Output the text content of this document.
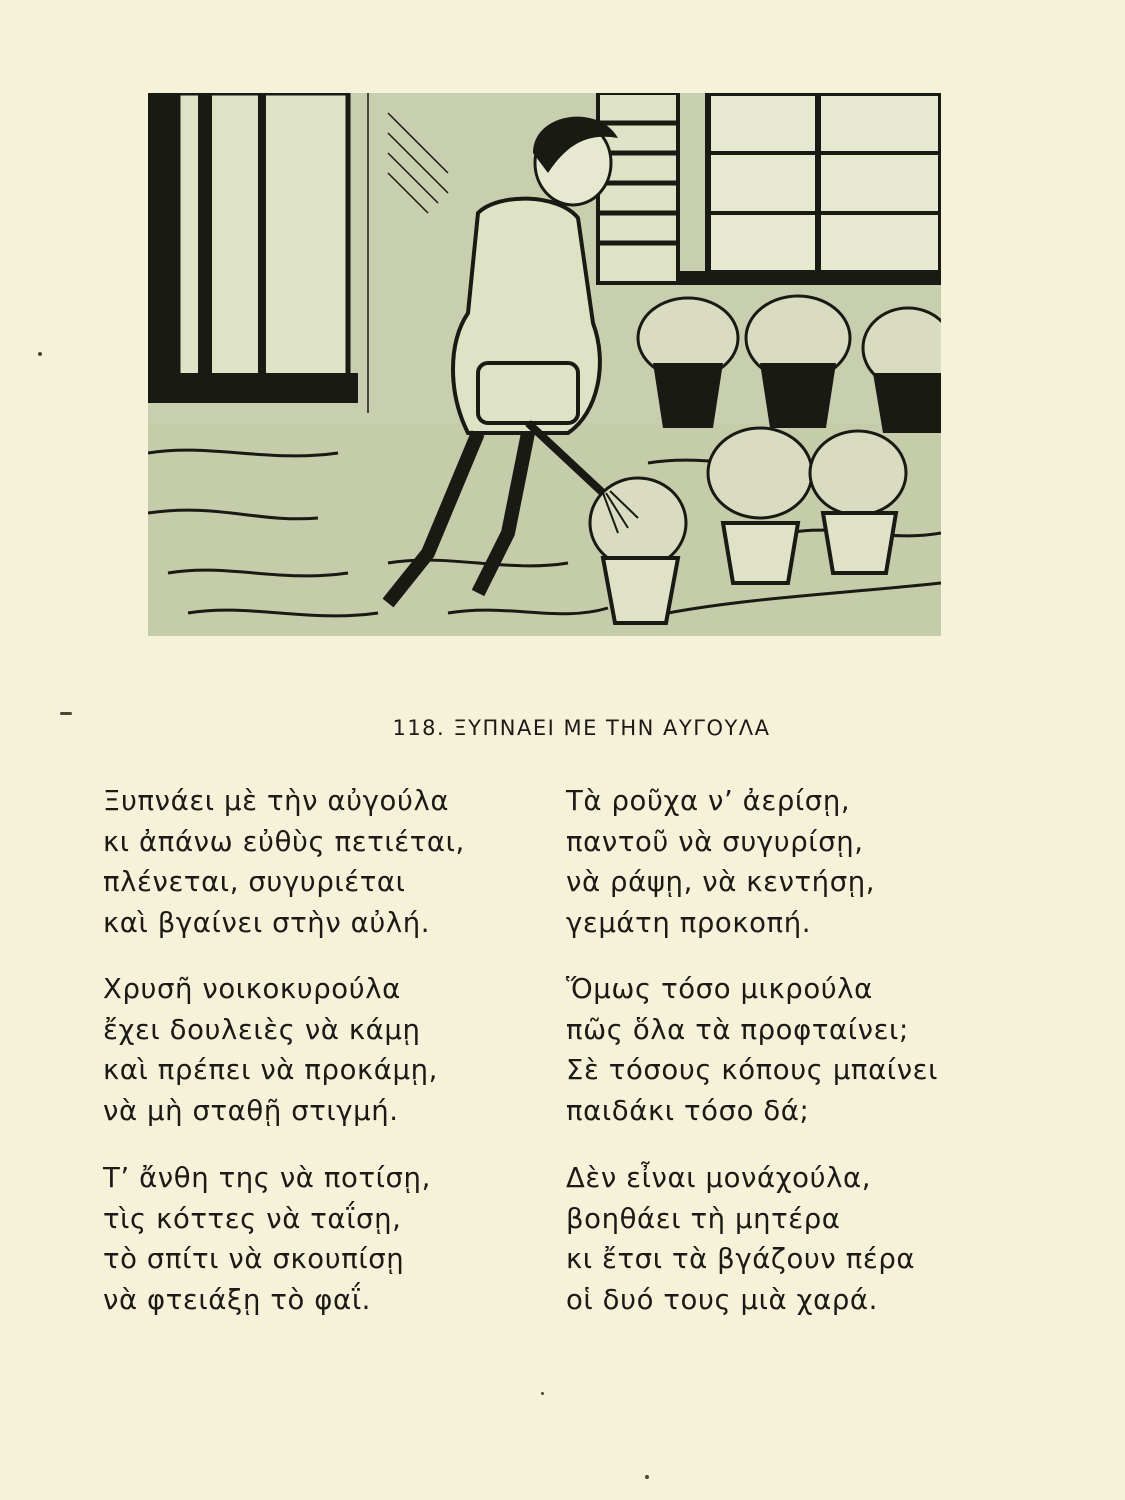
118. ΞΥΠΝΑΕΙ ΜΕ ΤΗΝ ΑΥΓΟΥΛΑ
Ξυπνάει μὲ τὴν αὐγούλα
κι ἀπάνω εὐθὺς πετιέται,
πλένεται, συγυριέται
καὶ βγαίνει στὴν αὐλή.
Χρυσῆ νοικοκυρούλα
ἔχει δουλειὲς νὰ κάμῃ
καὶ πρέπει νὰ προκάμῃ,
νὰ μὴ σταθῇ στιγμή.
Τ’ ἄνθη της νὰ ποτίσῃ,
τὶς κόττες νὰ ταΐσῃ,
τὸ σπίτι νὰ σκουπίσῃ
νὰ φτειάξῃ τὸ φαΐ.
Τὰ ροῦχα ν’ ἀερίσῃ,
παντοῦ νὰ συγυρίσῃ,
νὰ ράψῃ, νὰ κεντήσῃ,
γεμάτη προκοπή.
Ὅμως τόσο μικρούλα
πῶς ὅλα τὰ προφταίνει;
Σὲ τόσους κόπους μπαίνει
παιδάκι τόσο δά;
Δὲν εἶναι μονάχούλα,
βοηθάει τὴ μητέρα
κι ἔτσι τὰ βγάζουν πέρα
οἱ δυό τους μιὰ χαρά.
